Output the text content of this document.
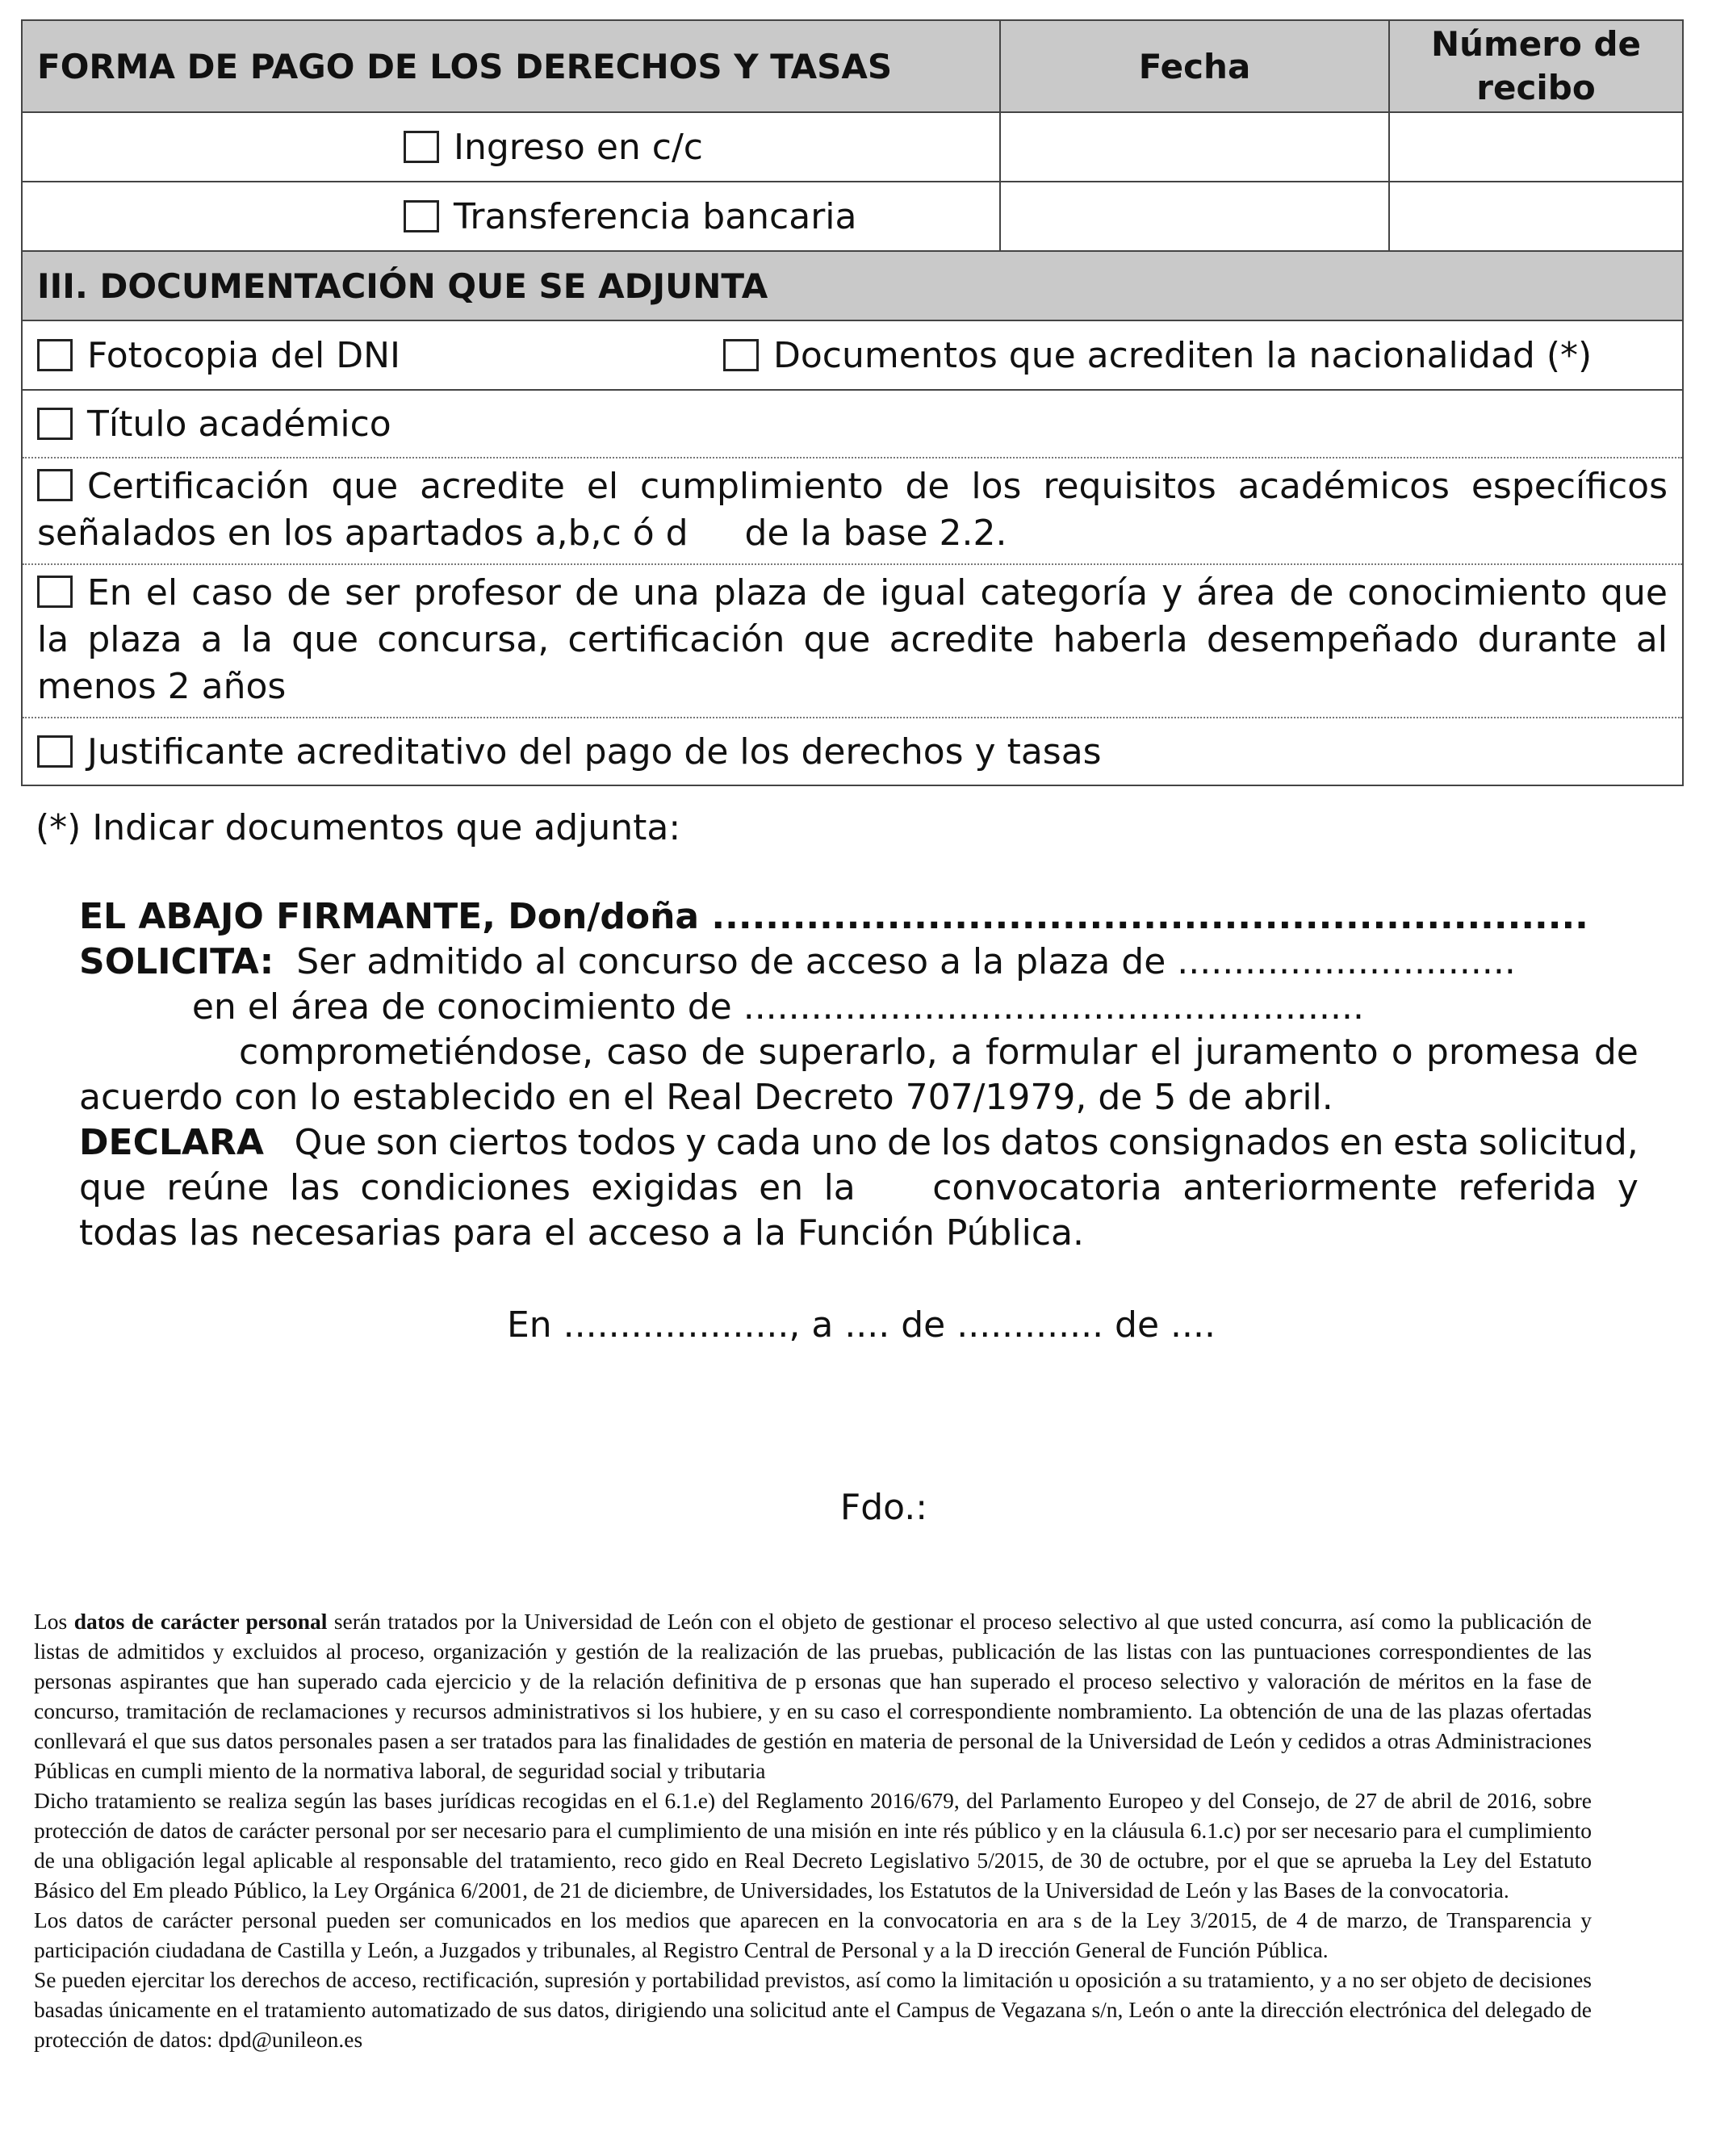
FORMA DE PAGO DE LOS DERECHOS Y TASAS	Fecha
Número de
recibo
Ingreso en c/c
Transferencia bancaria
III. DOCUMENTACIÓN QUE SE ADJUNTA
Fotocopia del DNI	Documentos que acrediten la nacionalidad (*)
Título académico
Certificación que acredite el cumplimiento de los requisitos académicos específicos señalados en los apartados a,b,c ó d     de la base 2.2.
En el caso de ser profesor de una plaza de igual categoría y área de conocimiento que la plaza a la que concursa, certificación que acredite haberla desempeñado durante al menos 2 años
Justificante acreditativo del pago de los derechos y tasas
(*) Indicar documentos que adjunta:
EL ABAJO FIRMANTE, Don/doña .................................................................
SOLICITA:  Ser admitido al concurso de acceso a la plaza de ..............................
en el área de conocimiento de .......................................................
comprometiéndose, caso de superarlo, a formular el juramento o promesa de
acuerdo con lo establecido en el Real Decreto 707/1979, de 5 de abril.
DECLARA Que son ciertos todos y cada uno de los datos consignados en esta solicitud,
que reúne las condiciones exigidas en la convocatoria anteriormente referida y
todas las necesarias para el acceso a la Función Pública.
En ...................., a .... de ............. de ....
Fdo.:

Los datos de carácter personal serán tratados por la Universidad de León con el objeto de gestionar el proceso selectivo al que usted concurra, así como la publicación de listas de admitidos y excluidos al proceso, organización y gestión de la realización de las pruebas, publicación de las listas con las puntuaciones correspondientes de las personas aspirantes que han superado cada ejercicio y de la relación definitiva de p ersonas que han superado el proceso selectivo y valoración de méritos en la fase de concurso, tramitación de reclamaciones y recursos administrativos si los hubiere, y en su caso el correspondiente nombramiento. La obtención de una de las plazas ofertadas conllevará el que sus datos personales pasen a ser tratados para las finalidades de gestión en materia de personal de la Universidad de León y cedidos a otras Administraciones Públicas en cumpli miento de la normativa laboral, de seguridad social y tributaria

Dicho tratamiento se realiza según las bases jurídicas recogidas en el 6.1.e) del Reglamento 2016/679, del Parlamento Europeo y del Consejo, de 27 de abril de 2016, sobre protección de datos de carácter personal por ser necesario para el cumplimiento de una misión en inte rés público y en la cláusula 6.1.c) por ser necesario para el cumplimiento de una obligación legal aplicable al responsable del tratamiento, reco gido en Real Decreto Legislativo 5/2015, de 30 de octubre, por el que se aprueba la Ley del Estatuto Básico del Em pleado Público, la Ley Orgánica 6/2001, de 21 de diciembre, de Universidades, los Estatutos de la Universidad de León y las Bases de la convocatoria.

Los datos de carácter personal pueden ser comunicados en los medios que aparecen en la convocatoria en ara s de la Ley 3/2015, de 4 de marzo, de Transparencia y participación ciudadana de Castilla y León, a Juzgados y tribunales, al Registro Central de Personal y a la D irección General de Función Pública.

Se pueden ejercitar los derechos de acceso, rectificación, supresión y portabilidad previstos, así como la limitación u oposición a su tratamiento, y a no ser objeto de decisiones basadas únicamente en el tratamiento automatizado de sus datos, dirigiendo una solicitud ante el Campus de Vegazana s/n, León o ante la dirección electrónica del delegado de protección de datos: dpd@unileon.es
